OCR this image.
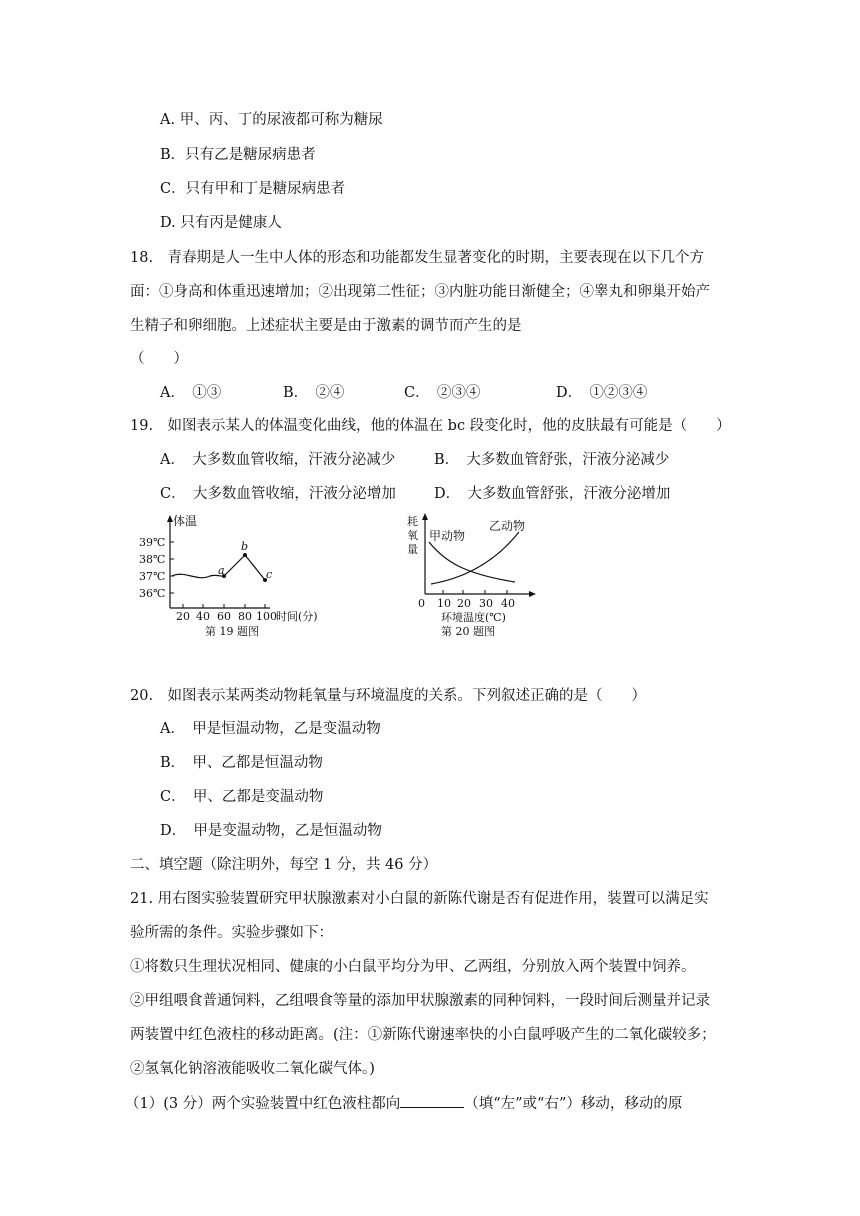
A. 甲、丙、丁的尿液都可称为糖尿
B．只有乙是糖尿病患者
C．只有甲和丁是糖尿病患者
D. 只有丙是健康人
18.　青春期是人一生中人体的形态和功能都发生显著变化的时期，主要表现在以下几个方
面：①身高和体重迅速增加；②出现第二性征；③内脏功能日渐健全；④睾丸和卵巢开始产
生精子和卵细胞。上述症状主要是由于激素的调节而产生的是
（　　）
A．　①③	B．　②④	C．　②③④	D．　①②③④
19.　如图表示某人的体温变化曲线，他的体温在 bc 段变化时，他的皮肤最有可能是（　　）
A．　大多数血管收缩，汗液分泌减少	B．　大多数血管舒张，汗液分泌减少
C．　大多数血管收缩，汗液分泌增加	D．　大多数血管舒张，汗液分泌增加
体温
39℃
38℃
37℃
36℃
20 40 60 80 100 时间(分)
a
b
c
第 19 题图
耗
氧
量
0 10 20 30 40
环境温度(℃)
甲动物
乙动物
第 20 题图
20.　如图表示某两类动物耗氧量与环境温度的关系。下列叙述正确的是（　　）
A．　甲是恒温动物，乙是变温动物
B．　甲、乙都是恒温动物
C．　甲、乙都是变温动物
D．　甲是变温动物，乙是恒温动物
二、填空题（除注明外，每空 1 分，共 46 分）
21. 用右图实验装置研究甲状腺激素对小白鼠的新陈代谢是否有促进作用，装置可以满足实
验所需的条件。实验步骤如下：
①将数只生理状况相同、健康的小白鼠平均分为甲、乙两组，分别放入两个装置中饲养。
②甲组喂食普通饲料，乙组喂食等量的添加甲状腺激素的同种饲料，一段时间后测量并记录
两装置中红色液柱的移动距离。(注：①新陈代谢速率快的小白鼠呼吸产生的二氧化碳较多；
②氢氧化钠溶液能吸收二氧化碳气体。)
（1）(3 分）两个实验装置中红色液柱都向	（填“左”或“右”）移动，移动的原
